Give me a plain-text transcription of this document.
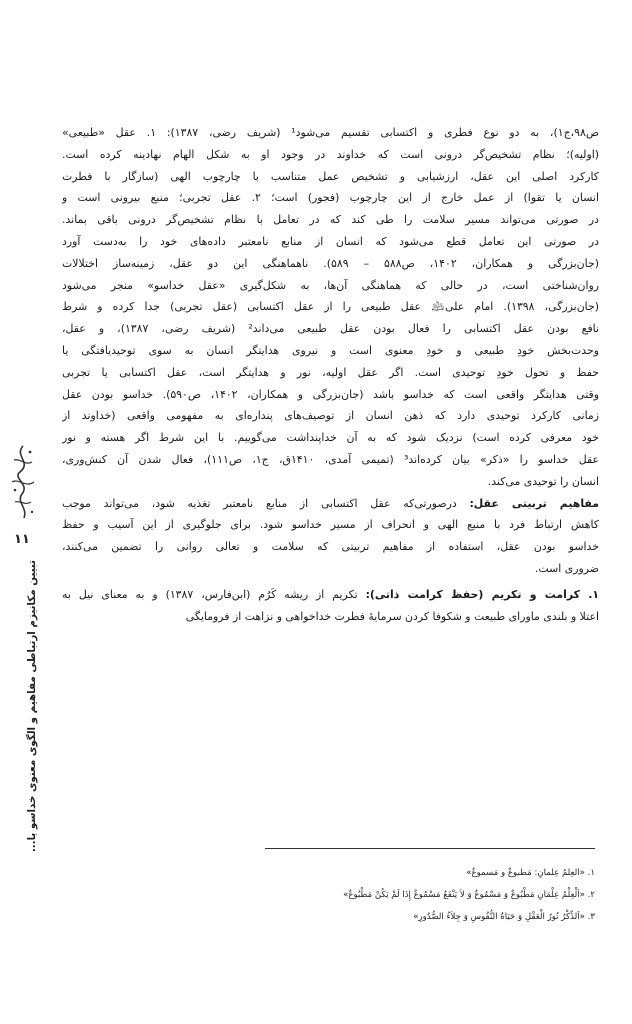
ص۹۸،ج۱)، به دو نوع فطری و اکتسابی تقسیم می‌شود¹ (شریف رضی، ۱۳۸۷): ۱. عقل «طبیعی»
(اولیه)؛ نظام تشخیص‌گر درونی است که خداوند در وجود او به شکل الهام نهادینه کرده است.
کارکرد اصلی این عقل، ارزشیابی و تشخیص عمل متناسب با چارچوب الهی (سازگار با فطرت
انسان یا تقوا) از عمل خارج از این چارچوب (فجور) است؛ ۲. عقل تجربی؛ منبع بیرونی است و
در صورتی می‌تواند مسیر سلامت را طی کند که در تعامل با نظام تشخیص‌گر درونی باقی بماند.
در صورتی این تعامل قطع می‌شود که انسان از منابع نامعتبر داده‌های خود را به‌دست آورد
(جان‌بزرگی و همکاران، ۱۴۰۲، ص۵۸۸ – ۵۸۹). ناهماهنگی این دو عقل، زمینه‌ساز اختلالات
روان‌شناختی است، در حالی که هماهنگی آن‌ها، به شکل‌گیری «عقل خداسو» منجر می‌شود
(جان‌بزرگی، ۱۳۹۸). امام علی﵇ عقل طبیعی را از عقل اکتسابی (عقل تجربی) جدا کرده و شرط
نافع بودن عقل اکتسابی را فعال بودن عقل طبیعی می‌داند² (شریف رضی، ۱۳۸۷)، و عقل،
وحدت‌بخش خودِ طبیعی و خودِ معنوی است و نیروی هدایتگر انسان به سوی توحیدیافتگی یا
حفظ و تحول خودِ توحیدی است. اگر عقل اولیه، نور و هدایتگر است، عقل اکتسابی یا تجربی
وقتی هدایتگر واقعی است که خداسو باشد (جان‌بزرگی و همکاران، ۱۴۰۲، ص۵۹۰). خداسو بودن عقل
زمانی کارکرد توحیدی دارد که ذهن انسان از توصیف‌های پنداره‌ای به مفهومی واقعی (خداوند از
خود معرفی کرده است) نزدیک شود که به آن خداپنداشت می‌گوییم. با این شرط اگر هسته و نور
عقل خداسو را «ذکر» بیان کرده‌اند³ (تمیمی آمدی، ۱۴۱۰ق، ج۱، ص۱۱۱)، فعال شدن آن کنش‌وری،
انسان را توحیدی می‌کند.
مفاهیم تربیتی عقل: درصورتی‌که عقل اکتسابی از منابع نامعتبر تغذیه شود، می‌تواند موجب
کاهش ارتباط فرد با منبع الهی و انحراف از مسیر خداسو شود. برای جلوگیری از این آسیب و حفظ
خداسو بودن عقل، استفاده از مفاهیم تربیتی که سلامت و تعالی روانی را تضمین می‌کنند،
ضروری است.
۱. کرامت و تکریم (حفظ کرامت ذاتی): تکریم از ریشه کَرُم (ابن‌فارس، ۱۳۸۷) و به معنای نیل به
اعتلا و بلندی ماورای طبیعت و شکوفا کردن سرمایهٔ فطرت خداخواهی و نزاهت از فرومایگی
۱. «العِلمُ عِلمانِ: مَطبوعٌ و مَسموعٌ»
۲. «اَلْعِلْمُ عِلْمَانِ مَطْبُوعٌ وَ مَسْمُوعٌ وَ لاَ یَنْفَعُ مَسْمُوعٌ إِذَا لَمْ یَکُنْ مَطْبُوعٌ»
۳. «اَلذِّکْرُ نُورُ الْعَقْلِ وَ حَیَاةُ النُّفُوسِ وَ جِلاَءُ الصُّدُورِ»
۱۱
تبیین مکانیزم ارتباطی مفاهیم و الگوی معنوی خداسو با...
